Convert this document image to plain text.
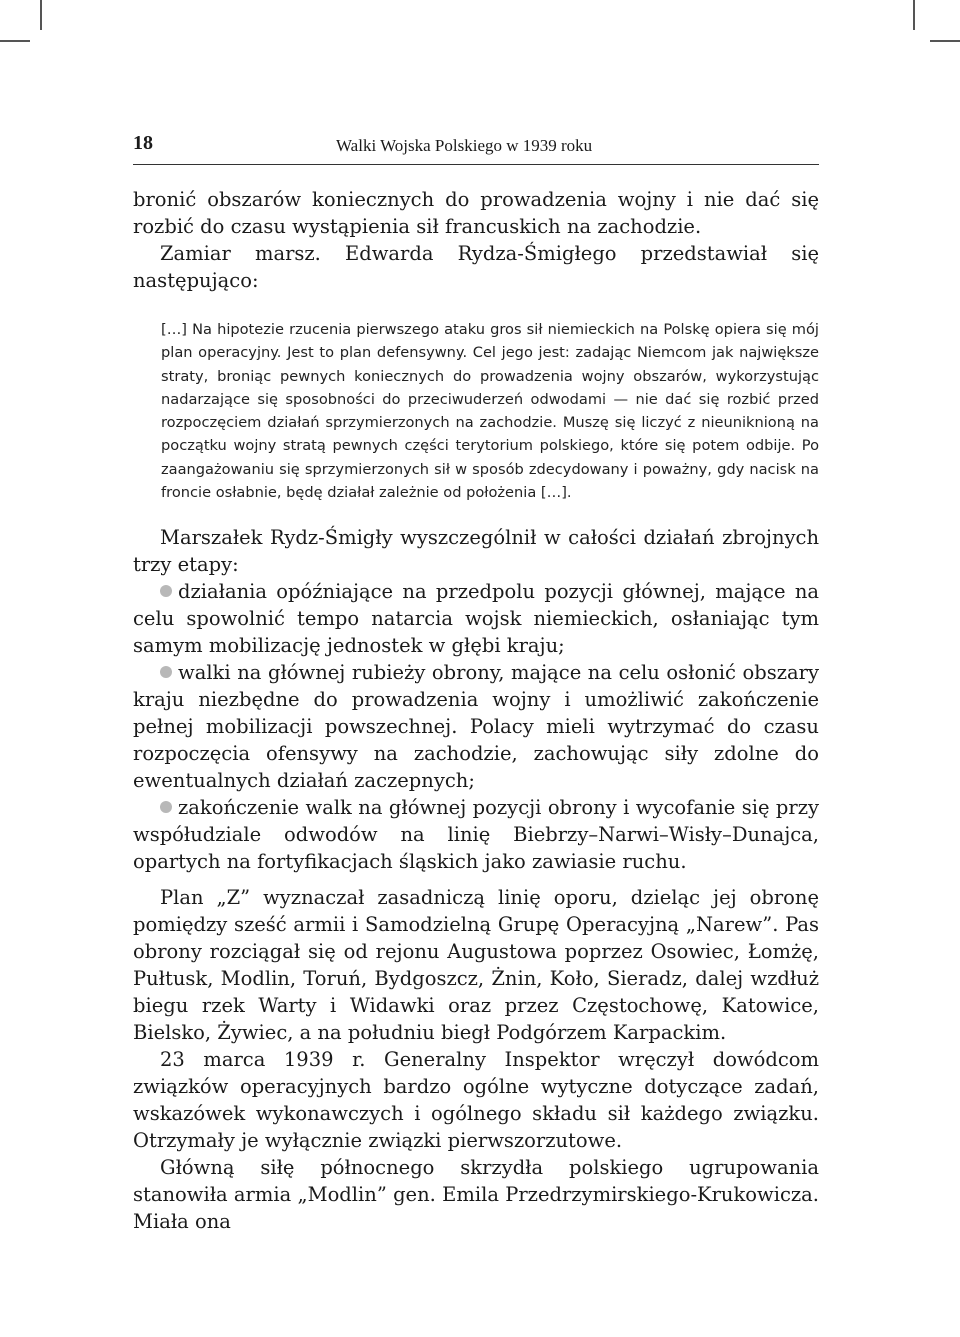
18	Walki Wojska Polskiego w 1939 roku

bronić obszarów koniecznych do prowadzenia wojny i nie dać się rozbić do czasu wystąpienia sił francuskich na zachodzie.

Zamiar marsz. Edwarda Rydza-Śmigłego przedstawiał się następująco:

[…] Na hipotezie rzucenia pierwszego ataku gros sił niemieckich na Polskę opiera się mój plan operacyjny. Jest to plan defensywny. Cel jego jest: zadając Niemcom jak największe straty, broniąc pewnych koniecznych do prowadzenia wojny obszarów, wykorzystując nadarzające się sposobności do przeciwuderzeń odwodami — nie dać się rozbić przed rozpoczęciem działań sprzymierzonych na zachodzie. Muszę się liczyć z nieuniknioną na początku wojny stratą pewnych części terytorium polskiego, które się potem odbije. Po zaangażowaniu się sprzymierzonych sił w sposób zdecydowany i poważny, gdy nacisk na froncie osłabnie, będę działał zależnie od położenia […].

Marszałek Rydz-Śmigły wyszczególnił w całości działań zbrojnych trzy etapy:

działania opóźniające na przedpolu pozycji głównej, mające na celu spowolnić tempo natarcia wojsk niemieckich, osłaniając tym samym mobilizację jednostek w głębi kraju;

walki na głównej rubieży obrony, mające na celu osłonić obszary kraju niezbędne do prowadzenia wojny i umożliwić zakończenie pełnej mobilizacji powszechnej. Polacy mieli wytrzymać do czasu rozpoczęcia ofensywy na zachodzie, zachowując siły zdolne do ewentualnych działań zaczepnych;

zakończenie walk na głównej pozycji obrony i wycofanie się przy współudziale odwodów na linię Biebrzy–Narwi–Wisły–Dunajca, opartych na fortyfikacjach śląskich jako zawiasie ruchu.

Plan „Z” wyznaczał zasadniczą linię oporu, dzieląc jej obronę pomiędzy sześć armii i Samodzielną Grupę Operacyjną „Narew”. Pas obrony rozciągał się od rejonu Augustowa poprzez Osowiec, Łomżę, Pułtusk, Modlin, Toruń, Bydgoszcz, Żnin, Koło, Sieradz, dalej wzdłuż biegu rzek Warty i Widawki oraz przez Częstochowę, Katowice, Bielsko, Żywiec, a na południu biegł Podgórzem Karpackim.

23 marca 1939 r. Generalny Inspektor wręczył dowódcom związków operacyjnych bardzo ogólne wytyczne dotyczące zadań, wskazówek wykonawczych i ogólnego składu sił każdego związku. Otrzymały je wyłącznie związki pierwszorzutowe.

Główną siłę północnego skrzydła polskiego ugrupowania stanowiła armia „Modlin” gen. Emila Przedrzymirskiego-Krukowicza. Miała ona
